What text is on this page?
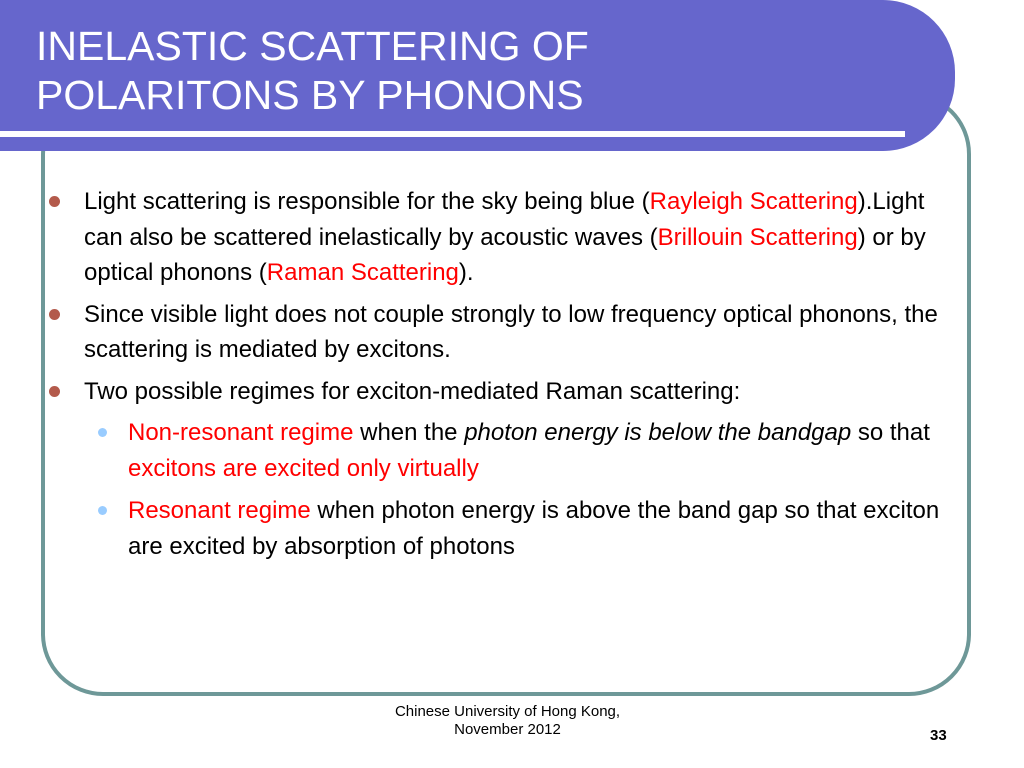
INELASTIC SCATTERING OF
POLARITONS BY PHONONS
Light scattering is responsible for the sky being blue (Rayleigh Scattering).Light can also be scattered inelastically by acoustic waves (Brillouin Scattering) or by optical phonons (Raman Scattering).
Since visible light does not couple strongly to low frequency optical phonons, the scattering is mediated by excitons.
Two possible regimes for exciton-mediated Raman scattering:
Non-resonant regime when the photon energy is below the bandgap so that excitons are excited only virtually
Resonant regime when photon energy is above the band gap so that exciton are excited by absorption of photons
Chinese University of Hong Kong,
November 2012	33
